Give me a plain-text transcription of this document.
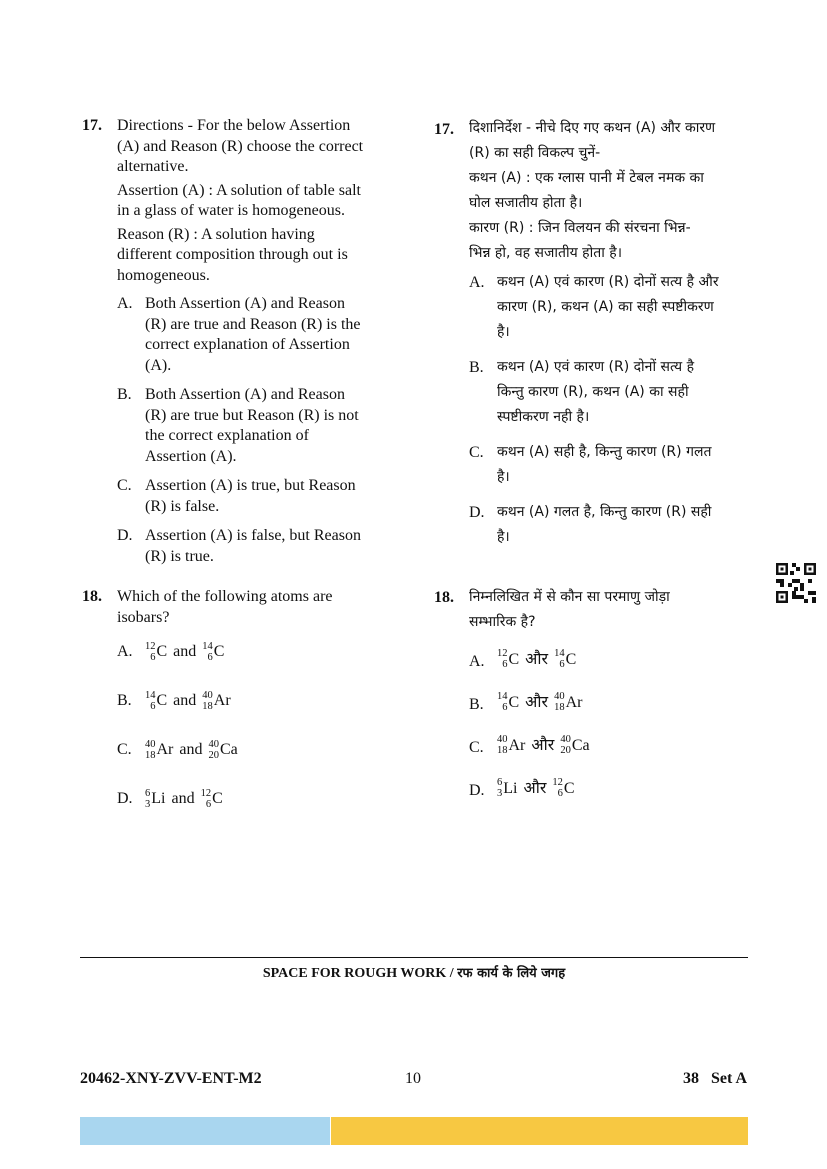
17. Directions - For the below Assertion
(A) and Reason (R) choose the correct
alternative.
Assertion (A) : A solution of table salt
in a glass of water is homogeneous.
Reason (R) : A solution having
different composition through out is
homogeneous.
A. Both Assertion (A) and Reason
(R) are true and Reason (R) is the
correct explanation of Assertion
(A).
B. Both Assertion (A) and Reason
(R) are true but Reason (R) is not
the correct explanation of
Assertion (A).
C. Assertion (A) is true, but Reason
(R) is false.
D. Assertion (A) is false, but Reason
(R) is true.
17. दिशानिर्देश - नीचे दिए गए कथन (A) और कारण
(R) का सही विकल्प चुनें-
कथन (A) : एक ग्लास पानी में टेबल नमक का
घोल सजातीय होता है।
कारण (R) : जिन विलयन की संरचना भिन्न-
भिन्न हो, वह सजातीय होता है।
A. कथन (A) एवं कारण (R) दोनों सत्य है और
कारण (R), कथन (A) का सही स्पष्टीकरण
है।
B. कथन (A) एवं कारण (R) दोनों सत्य है
किन्तु कारण (R), कथन (A) का सही
स्पष्टीकरण नही है।
C. कथन (A) सही है, किन्तु कारण (R) गलत
है।
D. कथन (A) गलत है, किन्तु कारण (R) सही
है।
18. Which of the following atoms are
isobars?
A. 12
6 C and 14
6 C
B. 14
6 C and 40
18 Ar
C. 40
18 Ar and 40
20 Ca
D. 6
3 Li and 12
6 C
18. निम्नलिखित में से कौन सा परमाणु जोड़ा
सम्भारिक है?
A. 12
6 C और 14
6 C
B. 14
6 C और 40
18 Ar
C. 40
18 Ar और 40
20 Ca
D. 6
3 Li और 12
6 C
SPACE FOR ROUGH WORK / रफ कार्य के लिये जगह
20462-XNY-ZVV-ENT-M2	10	38   Set A
